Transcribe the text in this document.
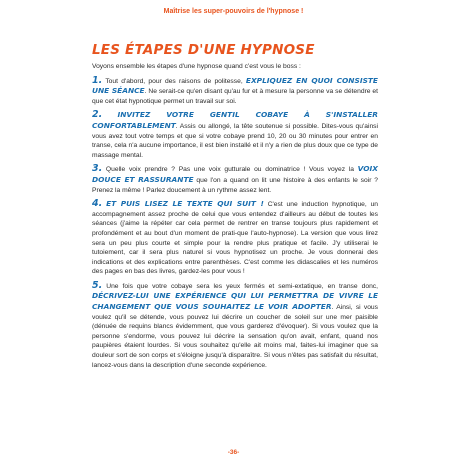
Maîtrise les super-pouvoirs de l'hypnose !
LES ÉTAPES D'UNE HYPNOSE

Voyons ensemble les étapes d'une hypnose quand c'est vous le boss :

1. Tout d'abord, pour des raisons de politesse, EXPLIQUEZ EN QUOI CONSISTE UNE SÉANCE. Ne serait-ce qu'en disant qu'au fur et à mesure la personne va se détendre et que cet état hypnotique permet un travail sur soi.

2. INVITEZ VOTRE GENTIL COBAYE À S'INSTALLER CONFORTABLEMENT. Assis ou allongé, la tête soutenue si possible. Dites-vous qu'ainsi vous avez tout votre temps et que si votre cobaye prend 10, 20 ou 30 minutes pour entrer en transe, cela n'a aucune importance, il est bien installé et il n'y a rien de plus doux que ce type de massage mental.

3. Quelle voix prendre ? Pas une voix gutturale ou dominatrice ! Vous voyez la VOIX DOUCE ET RASSURANTE que l'on a quand on lit une histoire à des enfants le soir ? Prenez la même ! Parlez doucement à un rythme assez lent.

4. ET PUIS LISEZ LE TEXTE QUI SUIT ! C'est une induction hypnotique, un accompagnement assez proche de celui que vous entendez d'ailleurs au début de toutes les séances (j'aime la répéter car cela permet de rentrer en transe toujours plus rapidement et profondément et au bout d'un moment de prati-que l'auto-hypnose). La version que vous lirez sera un peu plus courte et simple pour la rendre plus pratique et facile. J'y utiliserai le tutoiement, car il sera plus naturel si vous hypnotisez un proche. Je vous donnerai des indications et des explications entre parenthèses. C'est comme les didascalies et les numéros des pages en bas des livres, gardez-les pour vous !

5. Une fois que votre cobaye sera les yeux fermés et semi-extatique, en transe donc, DÉCRIVEZ-LUI UNE EXPÉRIENCE QUI LUI PERMETTRA DE VIVRE LE CHANGEMENT QUE VOUS SOUHAITEZ LE VOIR ADOPTER. Ainsi, si vous voulez qu'il se détende, vous pouvez lui décrire un coucher de soleil sur une mer paisible (dénuée de requins blancs évidemment, que vous garderez d'évoquer). Si vous voulez que la personne s'endorme, vous pouvez lui décrire la sensation qu'on avait, enfant, quand nos paupières étaient lourdes. Si vous souhaitez qu'elle ait moins mal, faites-lui imaginer que sa douleur sort de son corps et s'éloigne jusqu'à disparaître. Si vous n'êtes pas satisfait du résultat, lancez-vous dans la description d'une seconde expérience.

-36-
